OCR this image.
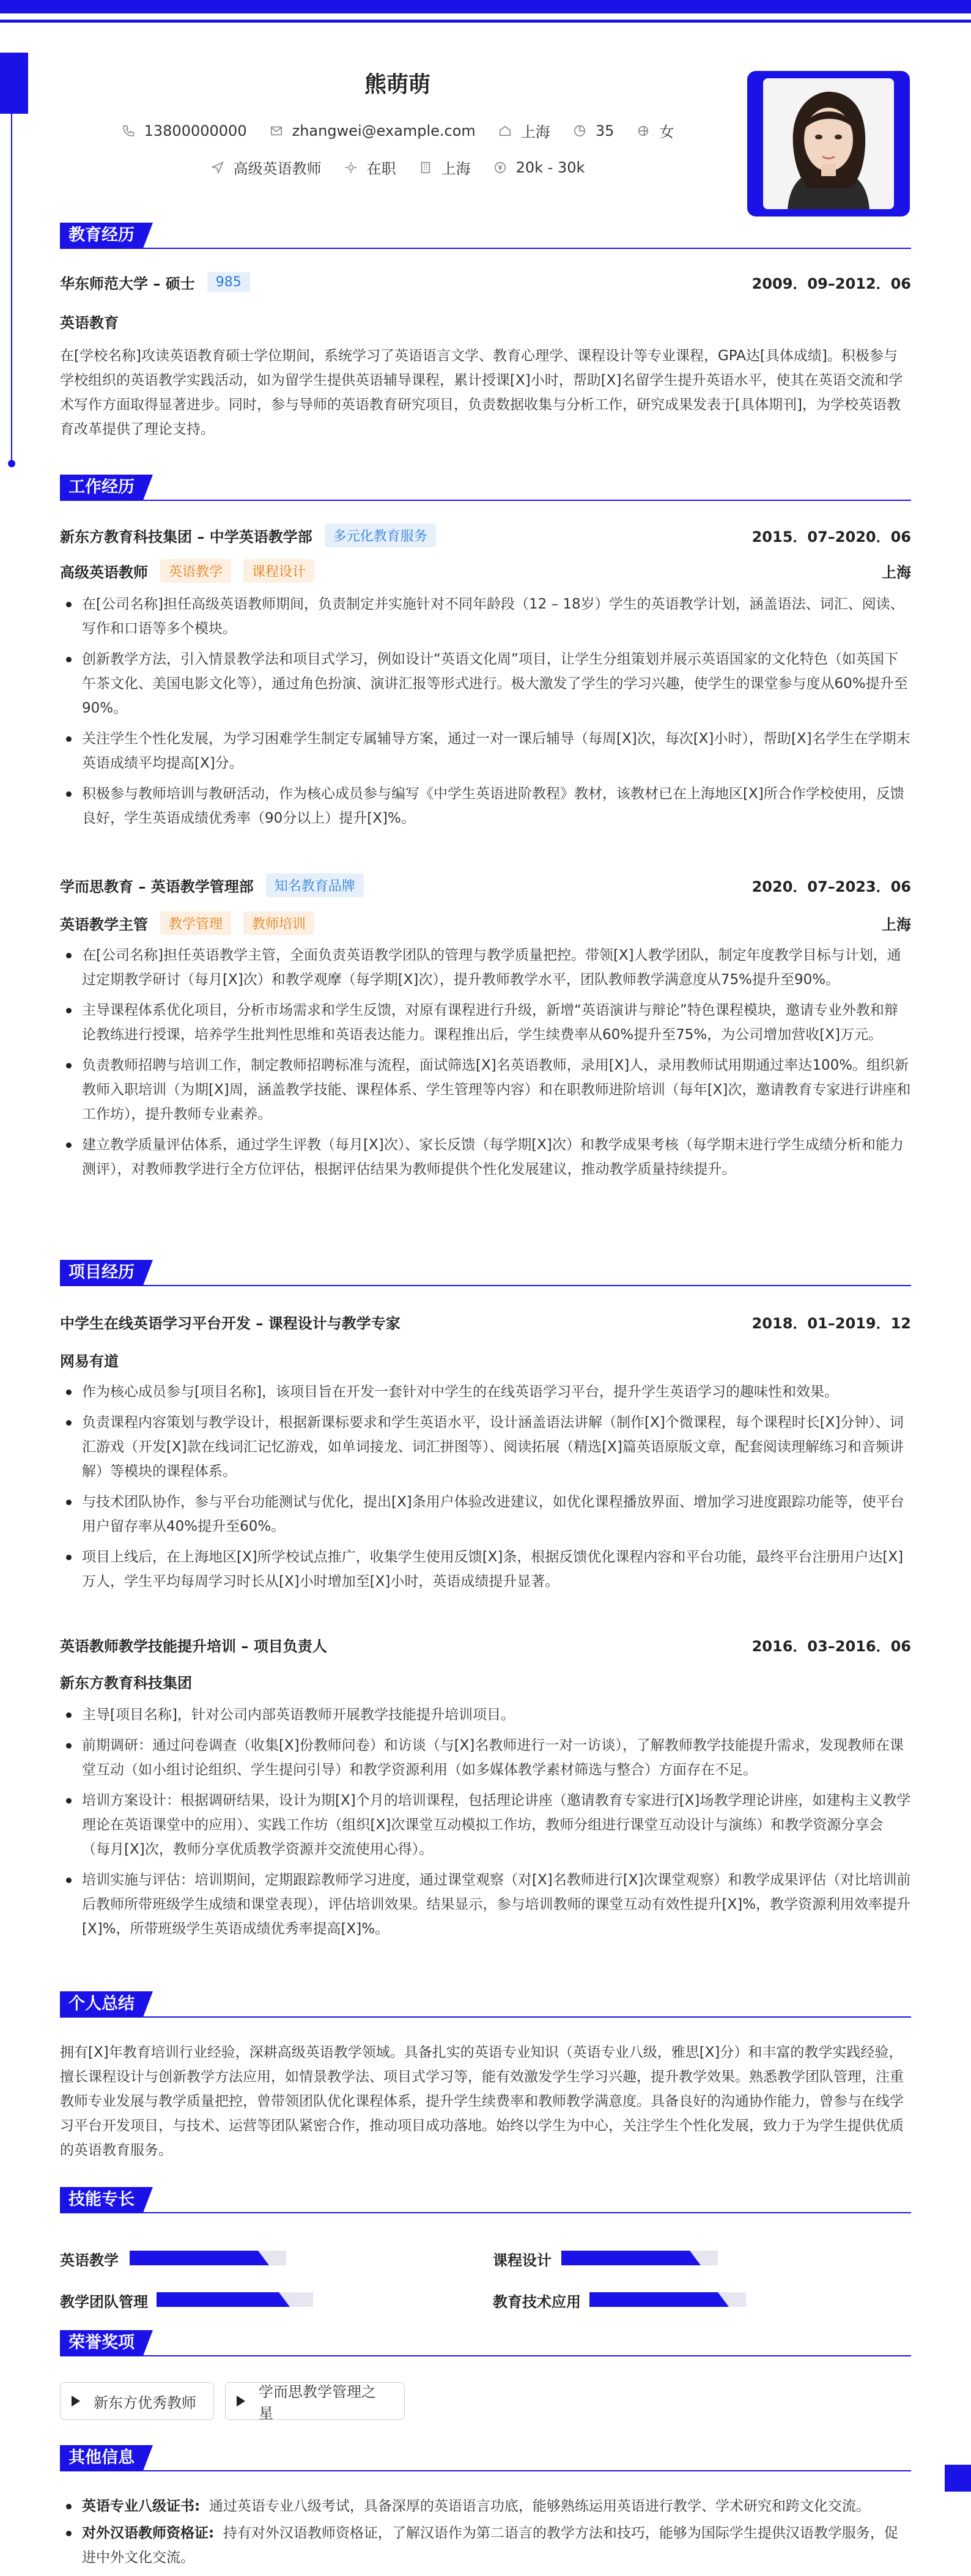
熊萌萌
13800000000	zhangwei@example.com	上海	35	女
高级英语教师	在职	上海	20k - 30k
教育经历
华东师范大学 – 硕士	985	2009．09–2012．06
英语教育
在[学校名称]攻读英语教育硕士学位期间，系统学习了英语语言文学、教育心理学、课程设计等专业课程，GPA达[具体成绩]。积极参与学校组织的英语教学实践活动，如为留学生提供英语辅导课程，累计授课[X]小时，帮助[X]名留学生提升英语水平，使其在英语交流和学术写作方面取得显著进步。同时，参与导师的英语教育研究项目，负责数据收集与分析工作，研究成果发表于[具体期刊]，为学校英语教育改革提供了理论支持。
工作经历
新东方教育科技集团 – 中学英语教学部	多元化教育服务	2015．07–2020．06
高级英语教师	英语教学	课程设计	上海
在[公司名称]担任高级英语教师期间，负责制定并实施针对不同年龄段（12 – 18岁）学生的英语教学计划，涵盖语法、词汇、阅读、写作和口语等多个模块。
创新教学方法，引入情景教学法和项目式学习，例如设计“英语文化周”项目，让学生分组策划并展示英语国家的文化特色（如英国下午茶文化、美国电影文化等），通过角色扮演、演讲汇报等形式进行。极大激发了学生的学习兴趣，使学生的课堂参与度从60%提升至90%。
关注学生个性化发展，为学习困难学生制定专属辅导方案，通过一对一课后辅导（每周[X]次，每次[X]小时），帮助[X]名学生在学期末英语成绩平均提高[X]分。
积极参与教师培训与教研活动，作为核心成员参与编写《中学生英语进阶教程》教材，该教材已在上海地区[X]所合作学校使用，反馈良好，学生英语成绩优秀率（90分以上）提升[X]%。
学而思教育 – 英语教学管理部	知名教育品牌	2020．07–2023．06
英语教学主管	教学管理	教师培训	上海
在[公司名称]担任英语教学主管，全面负责英语教学团队的管理与教学质量把控。带领[X]人教学团队，制定年度教学目标与计划，通过定期教学研讨（每月[X]次）和教学观摩（每学期[X]次），提升教师教学水平，团队教师教学满意度从75%提升至90%。
主导课程体系优化项目，分析市场需求和学生反馈，对原有课程进行升级，新增“英语演讲与辩论”特色课程模块，邀请专业外教和辩论教练进行授课，培养学生批判性思维和英语表达能力。课程推出后，学生续费率从60%提升至75%，为公司增加营收[X]万元。
负责教师招聘与培训工作，制定教师招聘标准与流程，面试筛选[X]名英语教师，录用[X]人，录用教师试用期通过率达100%。组织新教师入职培训（为期[X]周，涵盖教学技能、课程体系、学生管理等内容）和在职教师进阶培训（每年[X]次，邀请教育专家进行讲座和工作坊），提升教师专业素养。
建立教学质量评估体系，通过学生评教（每月[X]次）、家长反馈（每学期[X]次）和教学成果考核（每学期末进行学生成绩分析和能力测评），对教师教学进行全方位评估，根据评估结果为教师提供个性化发展建议，推动教学质量持续提升。
项目经历
中学生在线英语学习平台开发 – 课程设计与教学专家	2018．01–2019．12
网易有道
作为核心成员参与[项目名称]，该项目旨在开发一套针对中学生的在线英语学习平台，提升学生英语学习的趣味性和效果。
负责课程内容策划与教学设计，根据新课标要求和学生英语水平，设计涵盖语法讲解（制作[X]个微课程，每个课程时长[X]分钟）、词汇游戏（开发[X]款在线词汇记忆游戏，如单词接龙、词汇拼图等）、阅读拓展（精选[X]篇英语原版文章，配套阅读理解练习和音频讲解）等模块的课程体系。
与技术团队协作，参与平台功能测试与优化，提出[X]条用户体验改进建议，如优化课程播放界面、增加学习进度跟踪功能等，使平台用户留存率从40%提升至60%。
项目上线后，在上海地区[X]所学校试点推广，收集学生使用反馈[X]条，根据反馈优化课程内容和平台功能，最终平台注册用户达[X]万人，学生平均每周学习时长从[X]小时增加至[X]小时，英语成绩提升显著。
英语教师教学技能提升培训 – 项目负责人	2016．03–2016．06
新东方教育科技集团
主导[项目名称]，针对公司内部英语教师开展教学技能提升培训项目。
前期调研：通过问卷调查（收集[X]份教师问卷）和访谈（与[X]名教师进行一对一访谈），了解教师教学技能提升需求，发现教师在课堂互动（如小组讨论组织、学生提问引导）和教学资源利用（如多媒体教学素材筛选与整合）方面存在不足。
培训方案设计：根据调研结果，设计为期[X]个月的培训课程，包括理论讲座（邀请教育专家进行[X]场教学理论讲座，如建构主义教学理论在英语课堂中的应用）、实践工作坊（组织[X]次课堂互动模拟工作坊，教师分组进行课堂互动设计与演练）和教学资源分享会（每月[X]次，教师分享优质教学资源并交流使用心得）。
培训实施与评估：培训期间，定期跟踪教师学习进度，通过课堂观察（对[X]名教师进行[X]次课堂观察）和教学成果评估（对比培训前后教师所带班级学生成绩和课堂表现），评估培训效果。结果显示，参与培训教师的课堂互动有效性提升[X]%，教学资源利用效率提升[X]%，所带班级学生英语成绩优秀率提高[X]%。
个人总结
拥有[X]年教育培训行业经验，深耕高级英语教学领域。具备扎实的英语专业知识（英语专业八级，雅思[X]分）和丰富的教学实践经验，擅长课程设计与创新教学方法应用，如情景教学法、项目式学习等，能有效激发学生学习兴趣，提升教学效果。熟悉教学团队管理，注重教师专业发展与教学质量把控，曾带领团队优化课程体系，提升学生续费率和教师教学满意度。具备良好的沟通协作能力，曾参与在线学习平台开发项目，与技术、运营等团队紧密合作，推动项目成功落地。始终以学生为中心，关注学生个性化发展，致力于为学生提供优质的英语教育服务。
技能专长
英语教学	课程设计
教学团队管理	教育技术应用
荣誉奖项
新东方优秀教师
学而思教学管理之星
其他信息
英语专业八级证书: 通过英语专业八级考试，具备深厚的英语语言功底，能够熟练运用英语进行教学、学术研究和跨文化交流。
对外汉语教师资格证: 持有对外汉语教师资格证，了解汉语作为第二语言的教学方法和技巧，能够为国际学生提供汉语教学服务，促进中外文化交流。
